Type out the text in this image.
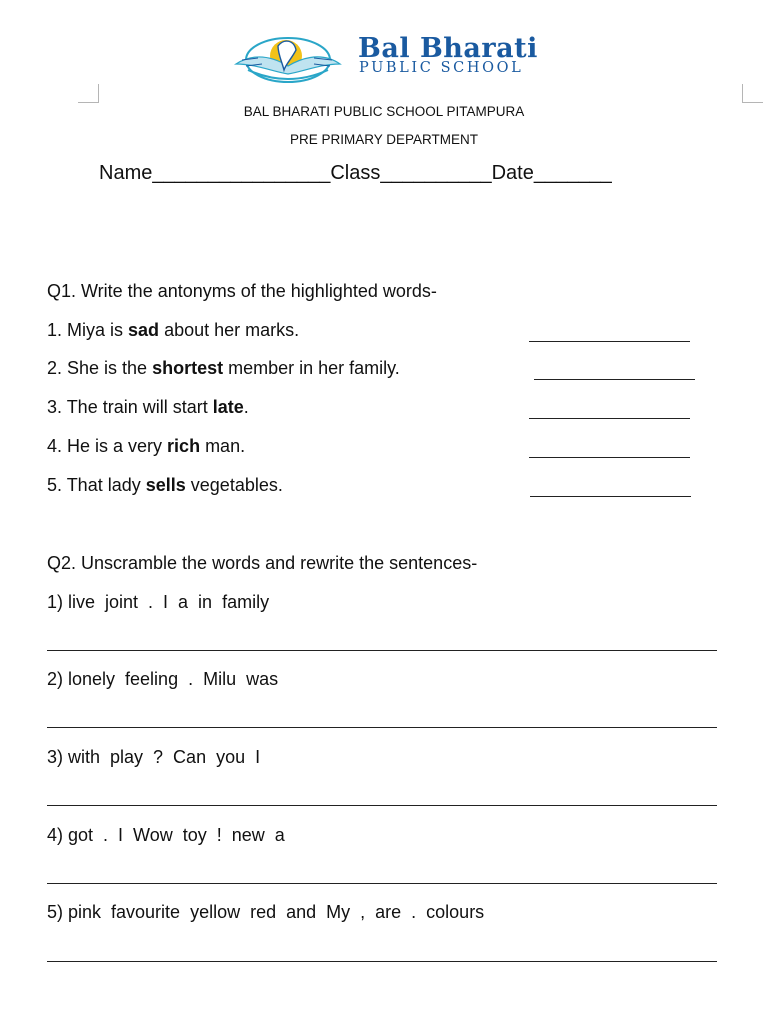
Bal Bharati
PUBLIC SCHOOL
BAL BHARATI PUBLIC SCHOOL PITAMPURA
PRE PRIMARY DEPARTMENT
Name________________Class__________Date_______
Q1. Write the antonyms of the highlighted words-
1. Miya is sad about her marks.
2. She is the shortest member in her family.
3. The train will start late.
4. He is a very rich man.
5. That lady sells vegetables.
Q2. Unscramble the words and rewrite the sentences-
1) live  joint  .  I  a  in  family
2) lonely  feeling  .  Milu  was
3) with  play  ?  Can  you  I
4) got  .  I  Wow  toy  !  new  a
5) pink  favourite  yellow  red  and  My  ,  are  .  colours
